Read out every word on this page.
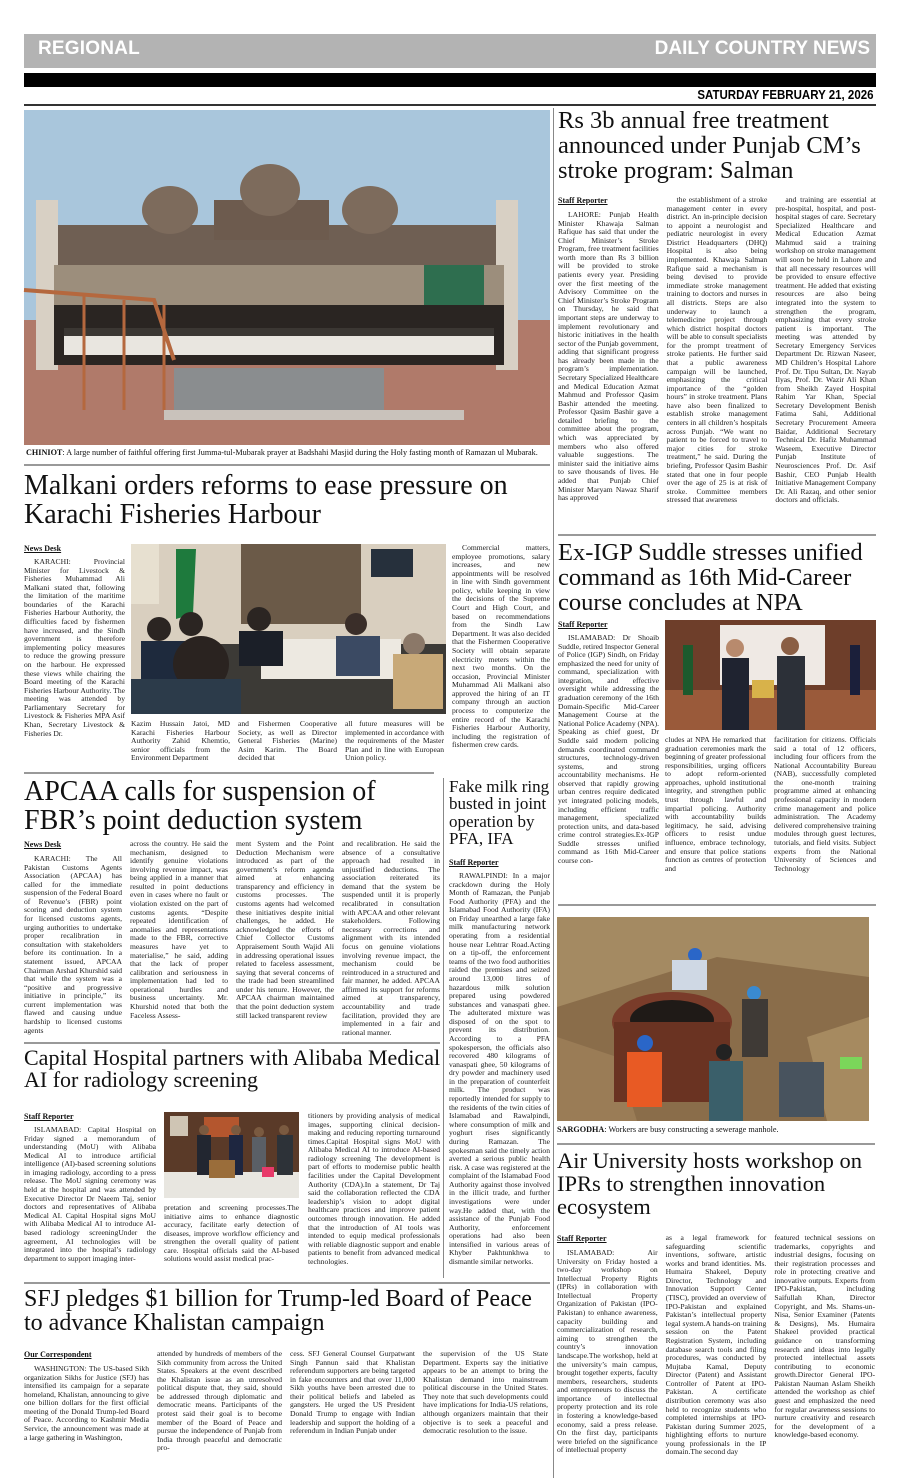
REGIONAL	DAILY COUNTRY NEWS
SATURDAY FEBRUARY 21, 2026
CHINIOT: A large number of faithful offering first Jumma-tul-Mubarak prayer at Badshahi Masjid during the Holy fasting month of Ramazan ul Mubarak.
Rs 3b annual free treatment announced under Punjab CM’s stroke program: Salman
Staff Reporter

LAHORE: Punjab Health Minister Khawaja Salman Rafique has said that under the Chief Minister’s Stroke Program, free treatment facilities worth more than Rs 3 billion will be provided to stroke patients every year. Presiding over the first meeting of the Advisory Committee on the Chief Minister’s Stroke Program on Thursday, he said that important steps are underway to implement revolutionary and historic initiatives in the health sector of the Punjab government, adding that significant progress has already been made in the program’s implementation. Secretary Specialized Healthcare and Medical Education Azmat Mahmud and Professor Qasim Bashir attended the meeting. Professor Qasim Bashir gave a detailed briefing to the committee about the program, which was appreciated by members who also offered valuable suggestions. The minister said the initiative aims to save thousands of lives. He added that Punjab Chief Minister Maryam Nawaz Sharif has approved

the establishment of a stroke management center in every district. An in-principle decision to appoint a neurologist and pediatric neurologist in every District Headquarters (DHQ) Hospital is also being implemented. Khawaja Salman Rafique said a mechanism is being devised to provide immediate stroke management training to doctors and nurses in all districts. Steps are also underway to launch a telemedicine project through which district hospital doctors will be able to consult specialists for the prompt treatment of stroke patients. He further said that a public awareness campaign will be launched, emphasizing the critical importance of the “golden hours” in stroke treatment. Plans have also been finalized to establish stroke management centers in all children’s hospitals across Punjab. “We want no patient to be forced to travel to major cities for stroke treatment,” he said. During the briefing, Professor Qasim Bashir stated that one in four people over the age of 25 is at risk of stroke. Committee members stressed that awareness

and training are essential at pre-hospital, hospital, and post-hospital stages of care. Secretary Specialized Healthcare and Medical Education Azmat Mahmud said a training workshop on stroke management will soon be held in Lahore and that all necessary resources will be provided to ensure effective treatment. He added that existing resources are also being integrated into the system to strengthen the program, emphasizing that every stroke patient is important. The meeting was attended by Secretary Emergency Services Department Dr. Rizwan Naseer, MD Children’s Hospital Lahore Prof. Dr. Tipu Sultan, Dr. Nayab Ilyas, Prof. Dr. Wazir Ali Khan from Sheikh Zayed Hospital Rahim Yar Khan, Special Secretary Development Benish Fatima Sahi, Additional Secretary Procurement Ameera Baidar, Additional Secretary Technical Dr. Hafiz Muhammad Waseem, Executive Director Punjab Institute of Neurosciences Prof. Dr. Asif Bashir, CEO Punjab Health Initiative Management Company Dr. Ali Razaq, and other senior doctors and officials.

Malkani orders reforms to ease pressure on Karachi Fisheries Harbour
News Desk

KARACHI: Provincial Minister for Livestock & Fisheries Muhammad Ali Malkani stated that, following the limitation of the maritime boundaries of the Karachi Fisheries Harbour Authority, the difficulties faced by fishermen have increased, and the Sindh government is therefore implementing policy measures to reduce the growing pressure on the harbour. He expressed these views while chairing the Board meeting of the Karachi Fisheries Harbour Authority. The meeting was attended by Parliamentary Secretary for Livestock & Fisheries MPA Asif Khan, Secretary Livestock & Fisheries Dr.

Kazim Hussain Jatoi, MD Karachi Fisheries Harbour Authority Zahid Khemtio, senior officials from the Environment Department
and Fishermen Cooperative Society, as well as Director General Fisheries (Marine) Asim Karim. The Board decided that
all future measures will be implemented in accordance with the requirements of the Master Plan and in line with European Union policy.

Commercial matters, employee promotions, salary increases, and new appointments will be resolved in line with Sindh government policy, while keeping in view the decisions of the Supreme Court and High Court, and based on recommendations from the Sindh Law Department. It was also decided that the Fishermen Cooperative Society will obtain separate electricity meters within the next two months. On the occasion, Provincial Minister Muhammad Ali Malkani also approved the hiring of an IT company through an auction process to computerize the entire record of the Karachi Fisheries Harbour Authority, including the registration of fishermen crew cards.

Ex-IGP Suddle stresses unified command as 16th Mid-Career course concludes at NPA
Staff Reporter

ISLAMABAD: Dr Shoaib Suddle, retired Inspector General of Police (IGP) Sindh, on Friday emphasized the need for unity of command, specialization with integration, and effective oversight while addressing the graduation ceremony of the 16th Domain-Specific Mid-Career Management Course at the National Police Academy (NPA). Speaking as chief guest, Dr Suddle said modern policing demands coordinated command structures, technology-driven systems, and strong accountability mechanisms. He observed that rapidly growing urban centres require dedicated yet integrated policing models, including efficient traffic management, specialized protection units, and data-based crime control strategies.Ex-IGP Suddle stresses unified command as 16th Mid-Career course con-

cludes at NPA He remarked that graduation ceremonies mark the beginning of greater professional responsibilities, urging officers to adopt reform-oriented approaches, uphold institutional integrity, and strengthen public trust through lawful and impartial policing. Authority with accountability builds legitimacy, he said, advising officers to resist undue influence, embrace technology, and ensure that police stations function as centres of protection and
facilitation for citizens. Officials said a total of 12 officers, including four officers from the National Accountability Bureau (NAB), successfully completed the one-month training programme aimed at enhancing professional capacity in modern crime management and police administration. The Academy delivered comprehensive training modules through guest lectures, tutorials, and field visits. Subject experts from the National University of Sciences and Technology
APCAA calls for suspension of FBR’s point deduction system
News Desk

KARACHI: The All Pakistan Customs Agents Association (APCAA) has called for the immediate suspension of the Federal Board of Revenue’s (FBR) point scoring and deduction system for licensed customs agents, urging authorities to undertake proper recalibration in consultation with stakeholders before its continuation. In a statement issued, APCAA Chairman Arshad Khurshid said that while the system was a “positive and progressive initiative in principle,” its current implementation was flawed and causing undue hardship to licensed customs agents

across the country. He said the mechanism, designed to identify genuine violations involving revenue impact, was being applied in a manner that resulted in point deductions even in cases where no fault or violation existed on the part of customs agents. “Despite repeated identification of anomalies and representations made to the FBR, corrective measures have yet to materialise,” he said, adding that the lack of proper calibration and seriousness in implementation had led to operational hurdles and business uncertainty. Mr. Khurshid noted that both the Faceless Assess-
ment System and the Point Deduction Mechanism were introduced as part of the government’s reform agenda aimed at enhancing transparency and efficiency in customs processes. The customs agents had welcomed these initiatives despite initial challenges, he added. He acknowledged the efforts of Chief Collector Customs Appraisement South Wajid Ali in addressing operational issues related to faceless assessment, saying that several concerns of the trade had been streamlined under his tenure. However, the APCAA chairman maintained that the point deduction system still lacked transparent review
and recalibration. He said the absence of a consultative approach had resulted in unjustified deductions. The association reiterated its demand that the system be suspended until it is properly recalibrated in consultation with APCAA and other relevant stakeholders. Following necessary corrections and alignment with its intended focus on genuine violations involving revenue impact, the mechanism could be reintroduced in a structured and fair manner, he added. APCAA affirmed its support for reforms aimed at transparency, accountability and trade facilitation, provided they are implemented in a fair and rational manner.
Fake milk ring busted in joint operation by PFA, IFA
Staff Reporter

RAWALPINDI: In a major crackdown during the Holy Month of Ramazan, the Punjab Food Authority (PFA) and the Islamabad Food Authority (IFA) on Friday unearthed a large fake milk manufacturing network operating from a residential house near Lehtrar Road.Acting on a tip-off, the enforcement teams of the two food authorities raided the premises and seized around 13,000 litres of hazardous milk solution prepared using powdered substances and vanaspati ghee. The adulterated mixture was disposed of on the spot to prevent its distribution. According to a PFA spokesperson, the officials also recovered 480 kilograms of vanaspati ghee, 50 kilograms of dry powder and machinery used in the preparation of counterfeit milk. The product was reportedly intended for supply to the residents of the twin cities of Islamabad and Rawalpindi, where consumption of milk and yoghurt rises significantly during Ramazan. The spokesman said the timely action averted a serious public health risk. A case was registered at the complaint of the Islamabad Food Authority against those involved in the illicit trade, and further investigations were under way.He added that, with the assistance of the Punjab Food Authority, enforcement operations had also been intensified in various areas of Khyber Pakhtunkhwa to dismantle similar networks.

SARGODHA: Workers are busy constructing a sewerage manhole.
Capital Hospital partners with Alibaba Medical AI for radiology screening
Staff Reporter

ISLAMABAD: Capital Hospital on Friday signed a memorandum of understanding (MoU) with Alibaba Medical AI to introduce artificial intelligence (AI)-based screening solutions in imaging radiology, according to a press release. The MoU signing ceremony was held at the hospital and was attended by Executive Director Dr Naeem Taj, senior doctors and representatives of Alibaba Medical AI. Capital Hospital signs MoU with Alibaba Medical AI to introduce AI-based radiology screeningUnder the agreement, AI technologies will be integrated into the hospital’s radiology department to support imaging inter-

pretation and screening processes.The initiative aims to enhance diagnostic accuracy, facilitate early detection of diseases, improve workflow efficiency and strengthen the overall quality of patient care. Hospital officials said the AI-based solutions would assist medical prac-
titioners by providing analysis of medical images, supporting clinical decision-making and reducing reporting turnaround times.Capital Hospital signs MoU with Alibaba Medical AI to introduce AI-based radiology screening The development is part of efforts to modernise public health facilities under the Capital Development Authority (CDA).In a statement, Dr Taj said the collaboration reflected the CDA leadership’s vision to adopt digital healthcare practices and improve patient outcomes through innovation. He added that the introduction of AI tools was intended to equip medical professionals with reliable diagnostic support and enable patients to benefit from advanced medical technologies.
Air University hosts workshop on IPRs to strengthen innovation ecosystem
Staff Reporter

ISLAMABAD: Air University on Friday hosted a two-day workshop on Intellectual Property Rights (IPRs) in collaboration with Intellectual Property Organization of Pakistan (IPO-Pakistan) to enhance awareness, capacity building and commercialization of research, aiming to strengthen the country’s innovation landscape.The workshop, held at the university’s main campus, brought together experts, faculty members, researchers, students and entrepreneurs to discuss the importance of intellectual property protection and its role in fostering a knowledge-based economy, said a press release. On the first day, participants were briefed on the significance of intellectual property

as a legal framework for safeguarding scientific inventions, software, artistic works and brand identities. Ms. Humaira Shakeel, Deputy Director, Technology and Innovation Support Center (TISC), provided an overview of IPO-Pakistan and explained Pakistan’s intellectual property legal system.A hands-on training session on the Patent Registration System, including database search tools and filing procedures, was conducted by Mujtaba Kamal, Deputy Director (Patent) and Assistant Controller of Patent at IPO-Pakistan. A certificate distribution ceremony was also held to recognize students who completed internships at IPO-Pakistan during Summer 2025, highlighting efforts to nurture young professionals in the IP domain.The second day
featured technical sessions on trademarks, copyrights and industrial designs, focusing on their registration processes and role in protecting creative and innovative outputs. Experts from IPO-Pakistan, including Saifullah Khan, Director Copyright, and Ms. Shams-un-Nisa, Senior Examiner (Patents & Designs), Ms. Humaira Shakeel provided practical guidance on transforming research and ideas into legally protected intellectual assets contributing to economic growth.Director General IPO-Pakistan Nauman Aslam Sheikh attended the workshop as chief guest and emphasized the need for regular awareness sessions to nurture creativity and research for the development of a knowledge-based economy.
SFJ pledges $1 billion for Trump-led Board of Peace to advance Khalistan campaign
Our Correspondent

WASHINGTON: The US-based Sikh organization Sikhs for Justice (SFJ) has intensified its campaign for a separate homeland, Khalistan, announcing to give one billion dollars for the first official meeting of the Donald Trump-led Board of Peace. According to Kashmir Media Service, the announcement was made at a large gathering in Washington,

attended by hundreds of members of the Sikh community from across the United States. Speakers at the event described the Khalistan issue as an unresolved political dispute that, they said, should be addressed through diplomatic and democratic means. Participants of the protest said their goal is to become member of the Board of Peace and pursue the independence of Punjab from India through peaceful and democratic pro-
cess. SFJ General Counsel Gurpatwant Singh Pannun said that Khalistan referendum supporters are being targeted in fake encounters and that over 11,000 Sikh youths have been arrested due to their political beliefs and labeled as gangsters. He urged the US President Donald Trump to engage with Indian leadership and support the holding of a referendum in Indian Punjab under
the supervision of the US State Department. Experts say the initiative appears to be an attempt to bring the Khalistan demand into mainstream political discourse in the United States. They note that such developments could have implications for India-US relations, although organizers maintain that their objective is to seek a peaceful and democratic resolution to the issue.
